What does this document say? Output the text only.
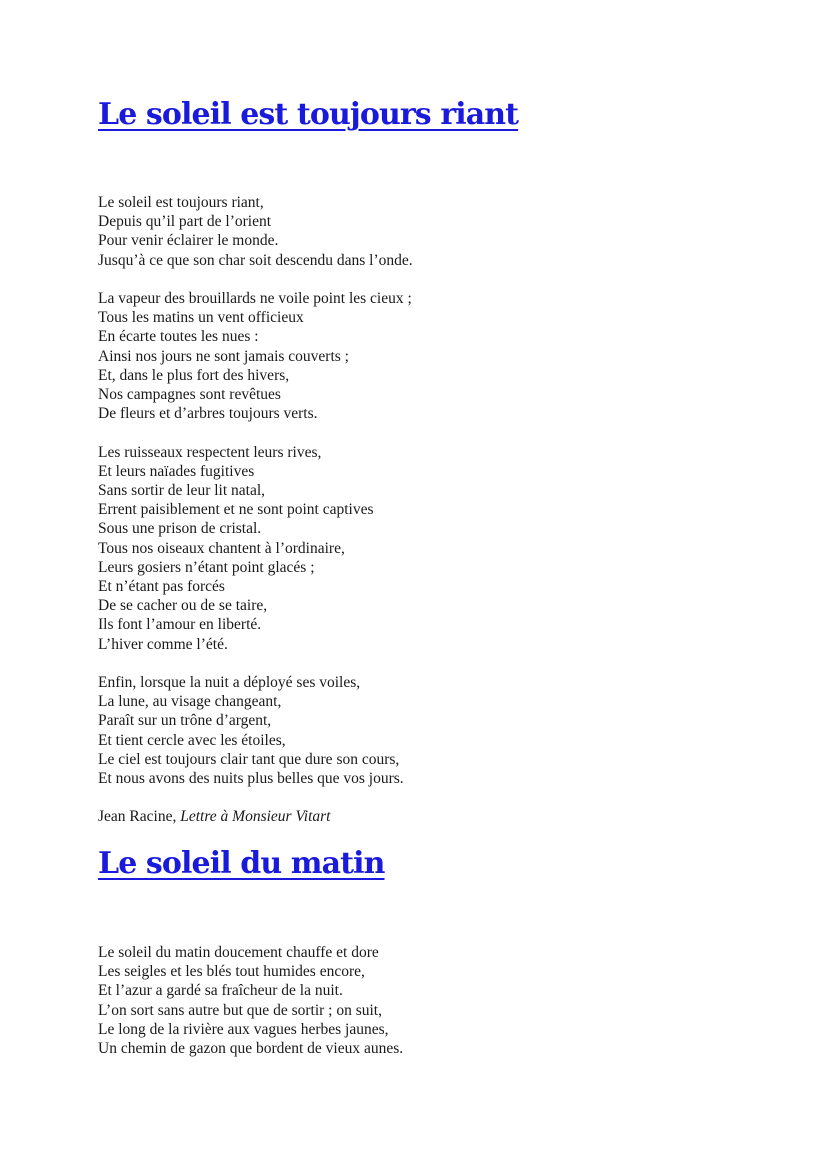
Le soleil est toujours riant
Le soleil est toujours riant,
Depuis qu’il part de l’orient
Pour venir éclairer le monde.
Jusqu’à ce que son char soit descendu dans l’onde.
La vapeur des brouillards ne voile point les cieux ;
Tous les matins un vent officieux
En écarte toutes les nues :
Ainsi nos jours ne sont jamais couverts ;
Et, dans le plus fort des hivers,
Nos campagnes sont revêtues
De fleurs et d’arbres toujours verts.
Les ruisseaux respectent leurs rives,
Et leurs naïades fugitives
Sans sortir de leur lit natal,
Errent paisiblement et ne sont point captives
Sous une prison de cristal.
Tous nos oiseaux chantent à l’ordinaire,
Leurs gosiers n’étant point glacés ;
Et n’étant pas forcés
De se cacher ou de se taire,
Ils font l’amour en liberté.
L’hiver comme l’été.
Enfin, lorsque la nuit a déployé ses voiles,
La lune, au visage changeant,
Paraît sur un trône d’argent,
Et tient cercle avec les étoiles,
Le ciel est toujours clair tant que dure son cours,
Et nous avons des nuits plus belles que vos jours.
Jean Racine, Lettre à Monsieur Vitart
Le soleil du matin
Le soleil du matin doucement chauffe et dore
Les seigles et les blés tout humides encore,
Et l’azur a gardé sa fraîcheur de la nuit.
L’on sort sans autre but que de sortir ; on suit,
Le long de la rivière aux vagues herbes jaunes,
Un chemin de gazon que bordent de vieux aunes.
